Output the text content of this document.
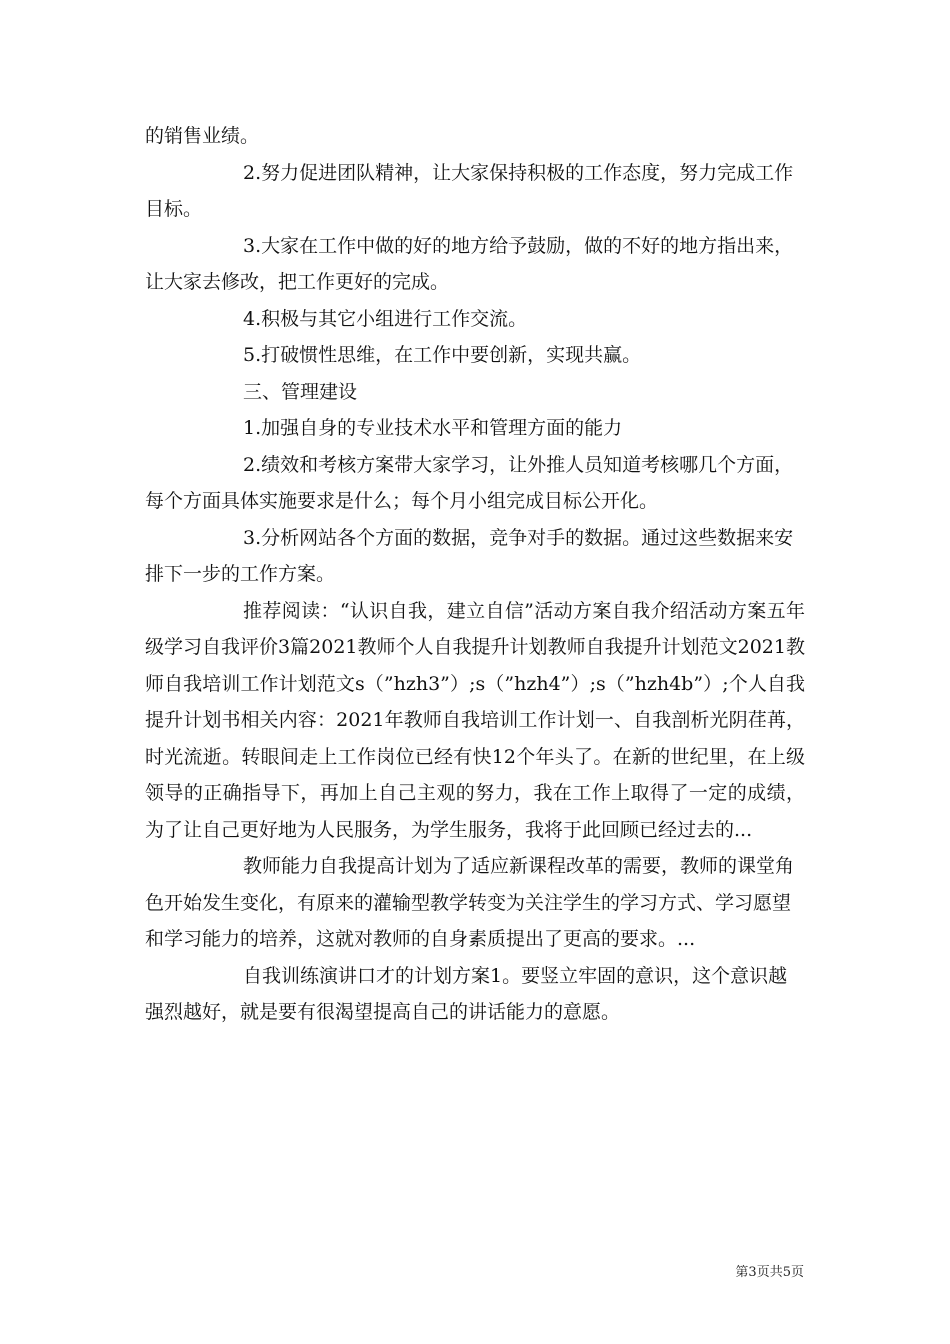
的销售业绩。

2.努力促进团队精神，让大家保持积极的工作态度，努力完成工作目标。

3.大家在工作中做的好的地方给予鼓励，做的不好的地方指出来，让大家去修改，把工作更好的完成。

4.积极与其它小组进行工作交流。

5.打破惯性思维，在工作中要创新，实现共赢。

三、管理建设

1.加强自身的专业技术水平和管理方面的能力

2.绩效和考核方案带大家学习，让外推人员知道考核哪几个方面，每个方面具体实施要求是什么；每个月小组完成目标公开化。

3.分析网站各个方面的数据，竞争对手的数据。通过这些数据来安排下一步的工作方案。

推荐阅读：“认识自我，建立自信”活动方案自我介绍活动方案五年级学习自我评价3篇2021教师个人自我提升计划教师自我提升计划范文2021教师自我培训工作计划范文s（”hzh3”）;s（”hzh4”）;s（”hzh4b”）;个人自我提升计划书相关内容：2021年教师自我培训工作计划一、自我剖析光阴荏苒，时光流逝。转眼间走上工作岗位已经有快12个年头了。在新的世纪里，在上级领导的正确指导下，再加上自己主观的努力，我在工作上取得了一定的成绩，为了让自己更好地为人民服务，为学生服务，我将于此回顾已经过去的...

教师能力自我提高计划为了适应新课程改革的需要，教师的课堂角色开始发生变化，有原来的灌输型教学转变为关注学生的学习方式、学习愿望和学习能力的培养，这就对教师的自身素质提出了更高的要求。...

自我训练演讲口才的计划方案1。要竖立牢固的意识，这个意识越强烈越好，就是要有很渴望提高自己的讲话能力的意愿。

第3页共5页
